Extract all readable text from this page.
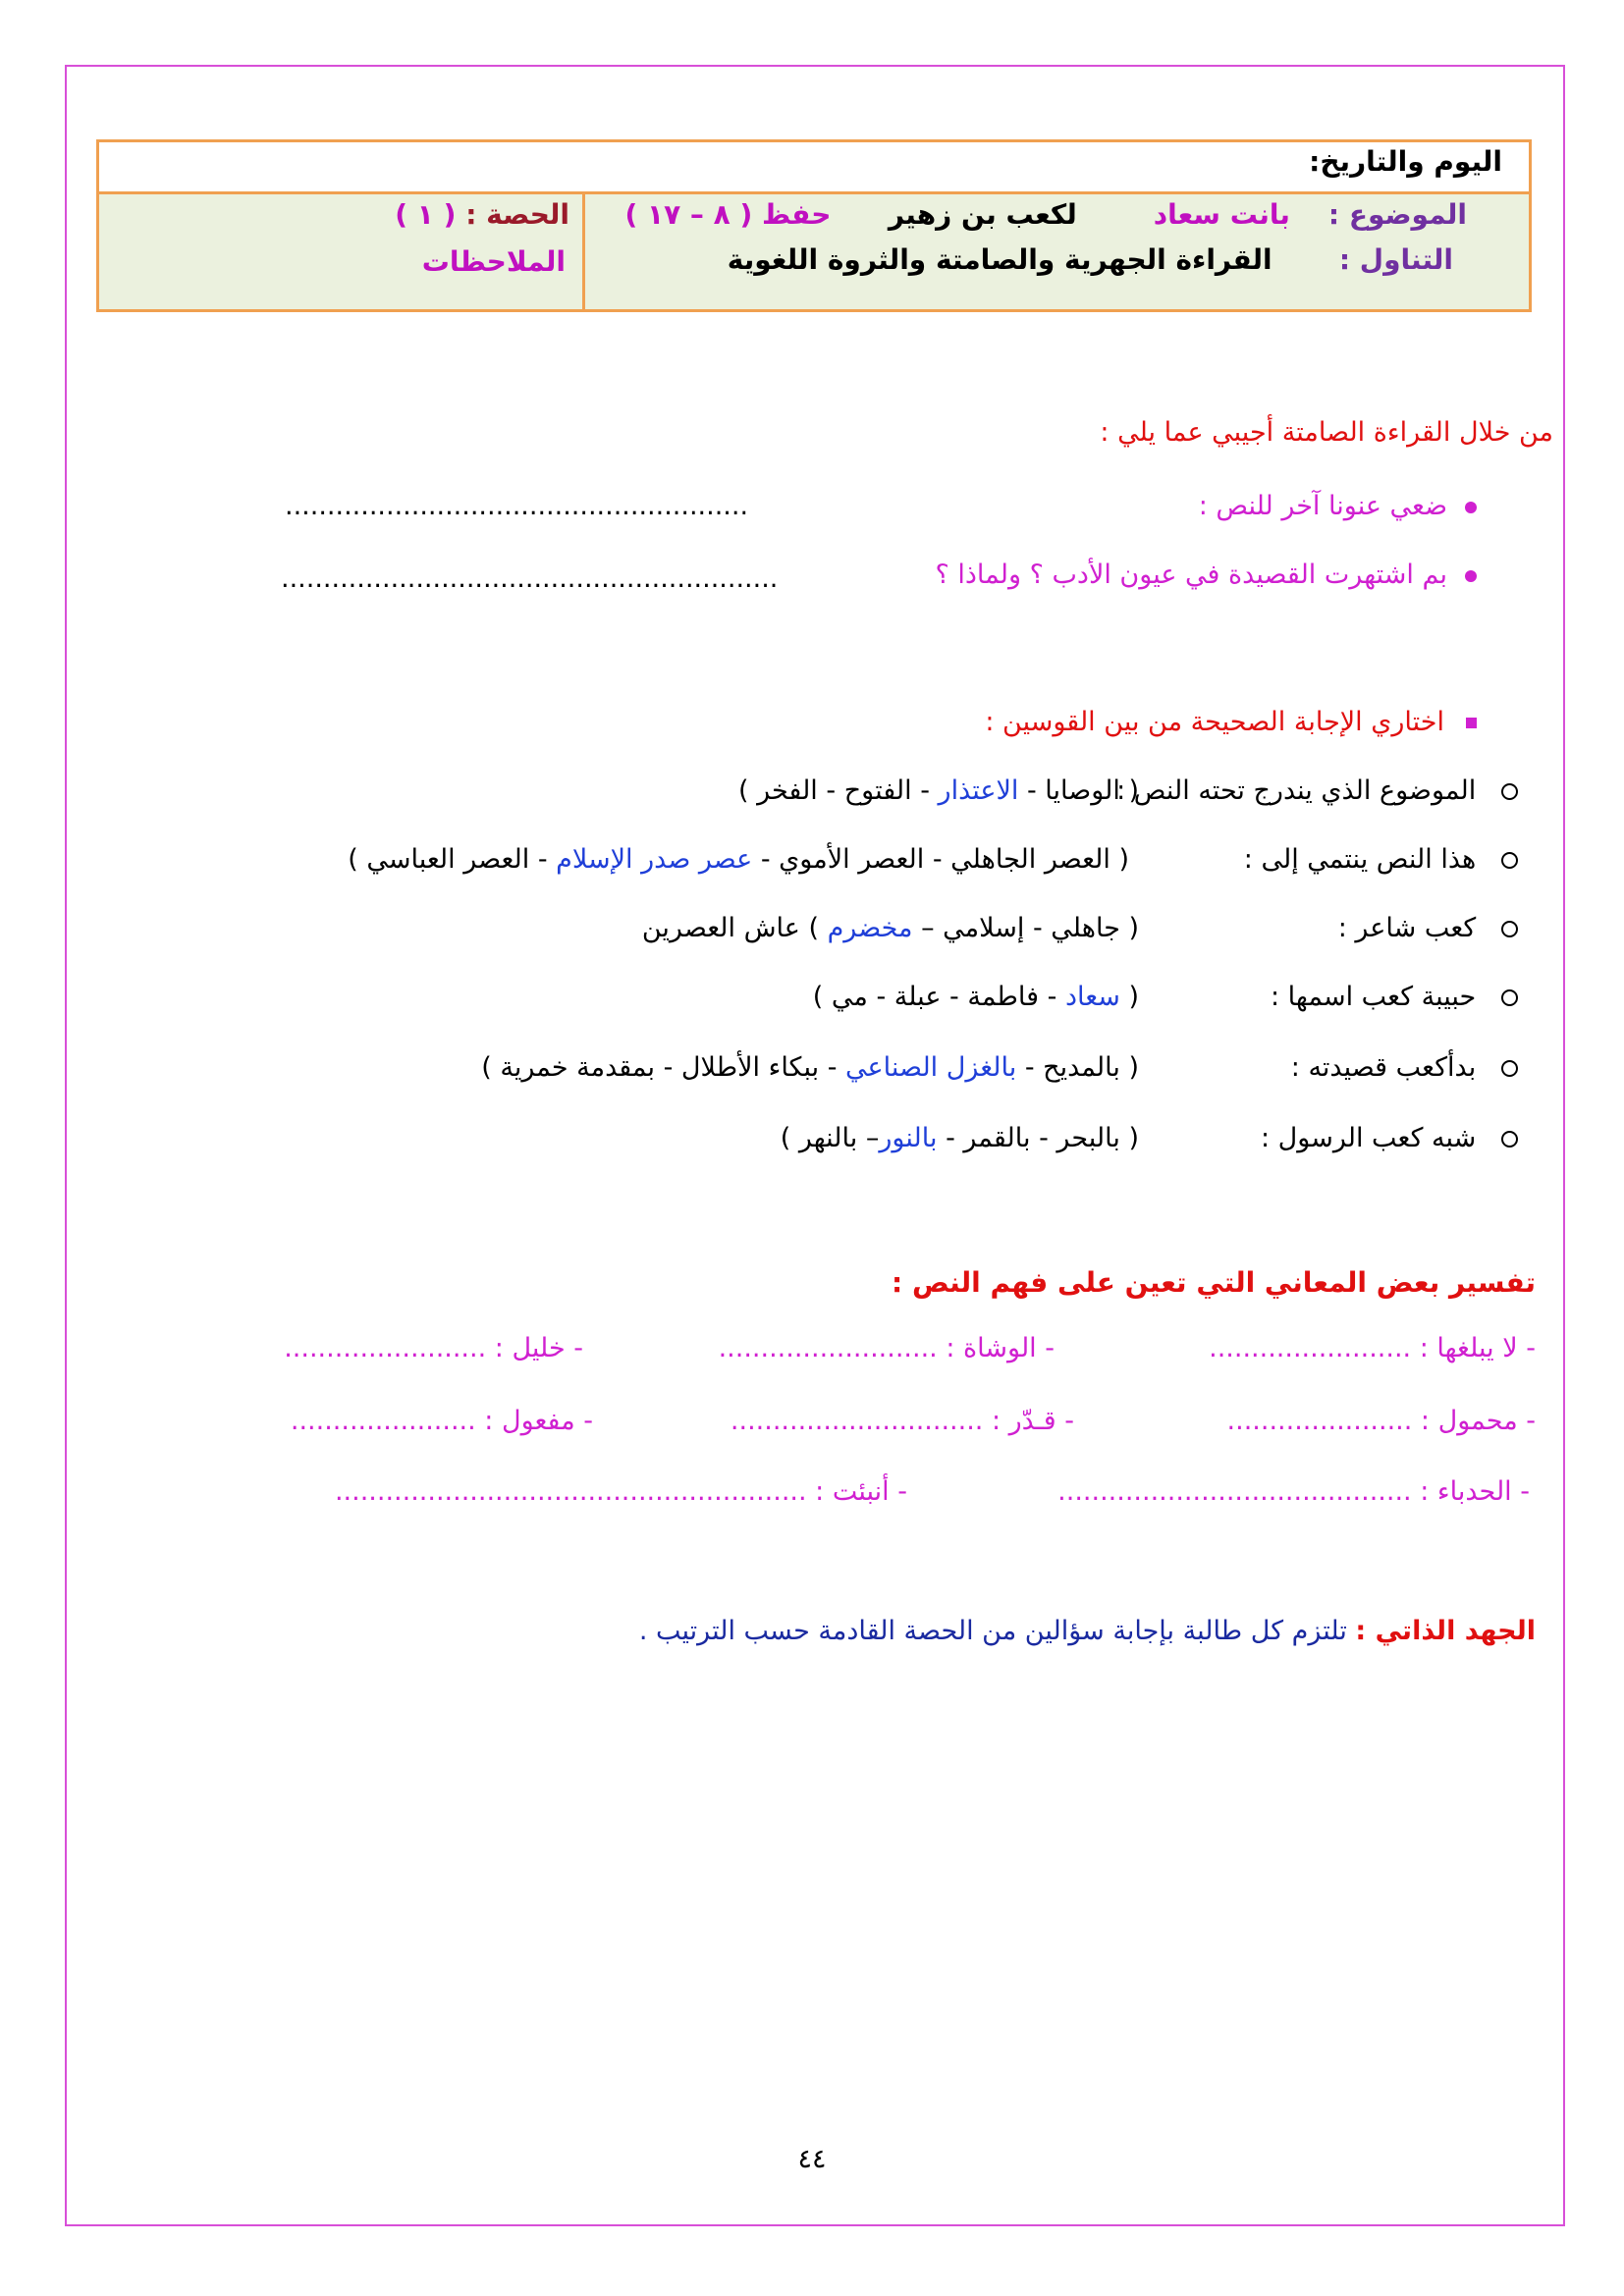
اليوم والتاريخ:
الموضوع :    بانت سعاد        لكعب بن زهير      حفظ ( ٨ – ١٧ )
التناول :       القراءة الجهرية والصامتة والثروة اللغوية
الحصة : ( ١ )
الملاحظات
من خلال القراءة الصامتة أجيبي عما يلي :
ضعي عنونا آخر للنص :
.......................................................
بم اشتهرت القصيدة في عيون الأدب ؟ ولماذا ؟
...........................................................
اختاري الإجابة الصحيحة من بين القوسين :
الموضوع الذي يندرج تحته النص :
( الوصايا - الاعتذار - الفتوح - الفخر )
هذا النص ينتمي إلى :
( العصر الجاهلي - العصر الأموي - عصر صدر الإسلام - العصر العباسي )
كعب شاعر :
( جاهلي - إسلامي – مخضرم ) عاش العصرين
حبيبة كعب اسمها :
( سعاد - فاطمة - عبلة - مي )
بدأكعب قصيدته :
( بالمديح - بالغزل الصناعي - ببكاء الأطلال - بمقدمة خمرية )
شبه كعب الرسول :
( بالبحر - بالقمر - بالنور– بالنهر )
تفسير بعض المعاني التي تعين على فهم النص :
- لا يبلغها : ........................
- الوشاة : ..........................
- خليل : ........................
- محمول : ......................
- قـدّر : ..............................
- مفعول : ......................
- الحدباء : ..........................................
- أنبئت : ........................................................
الجهد الذاتي : تلتزم كل طالبة بإجابة سؤالين من الحصة القادمة حسب الترتيب .
٤٤
